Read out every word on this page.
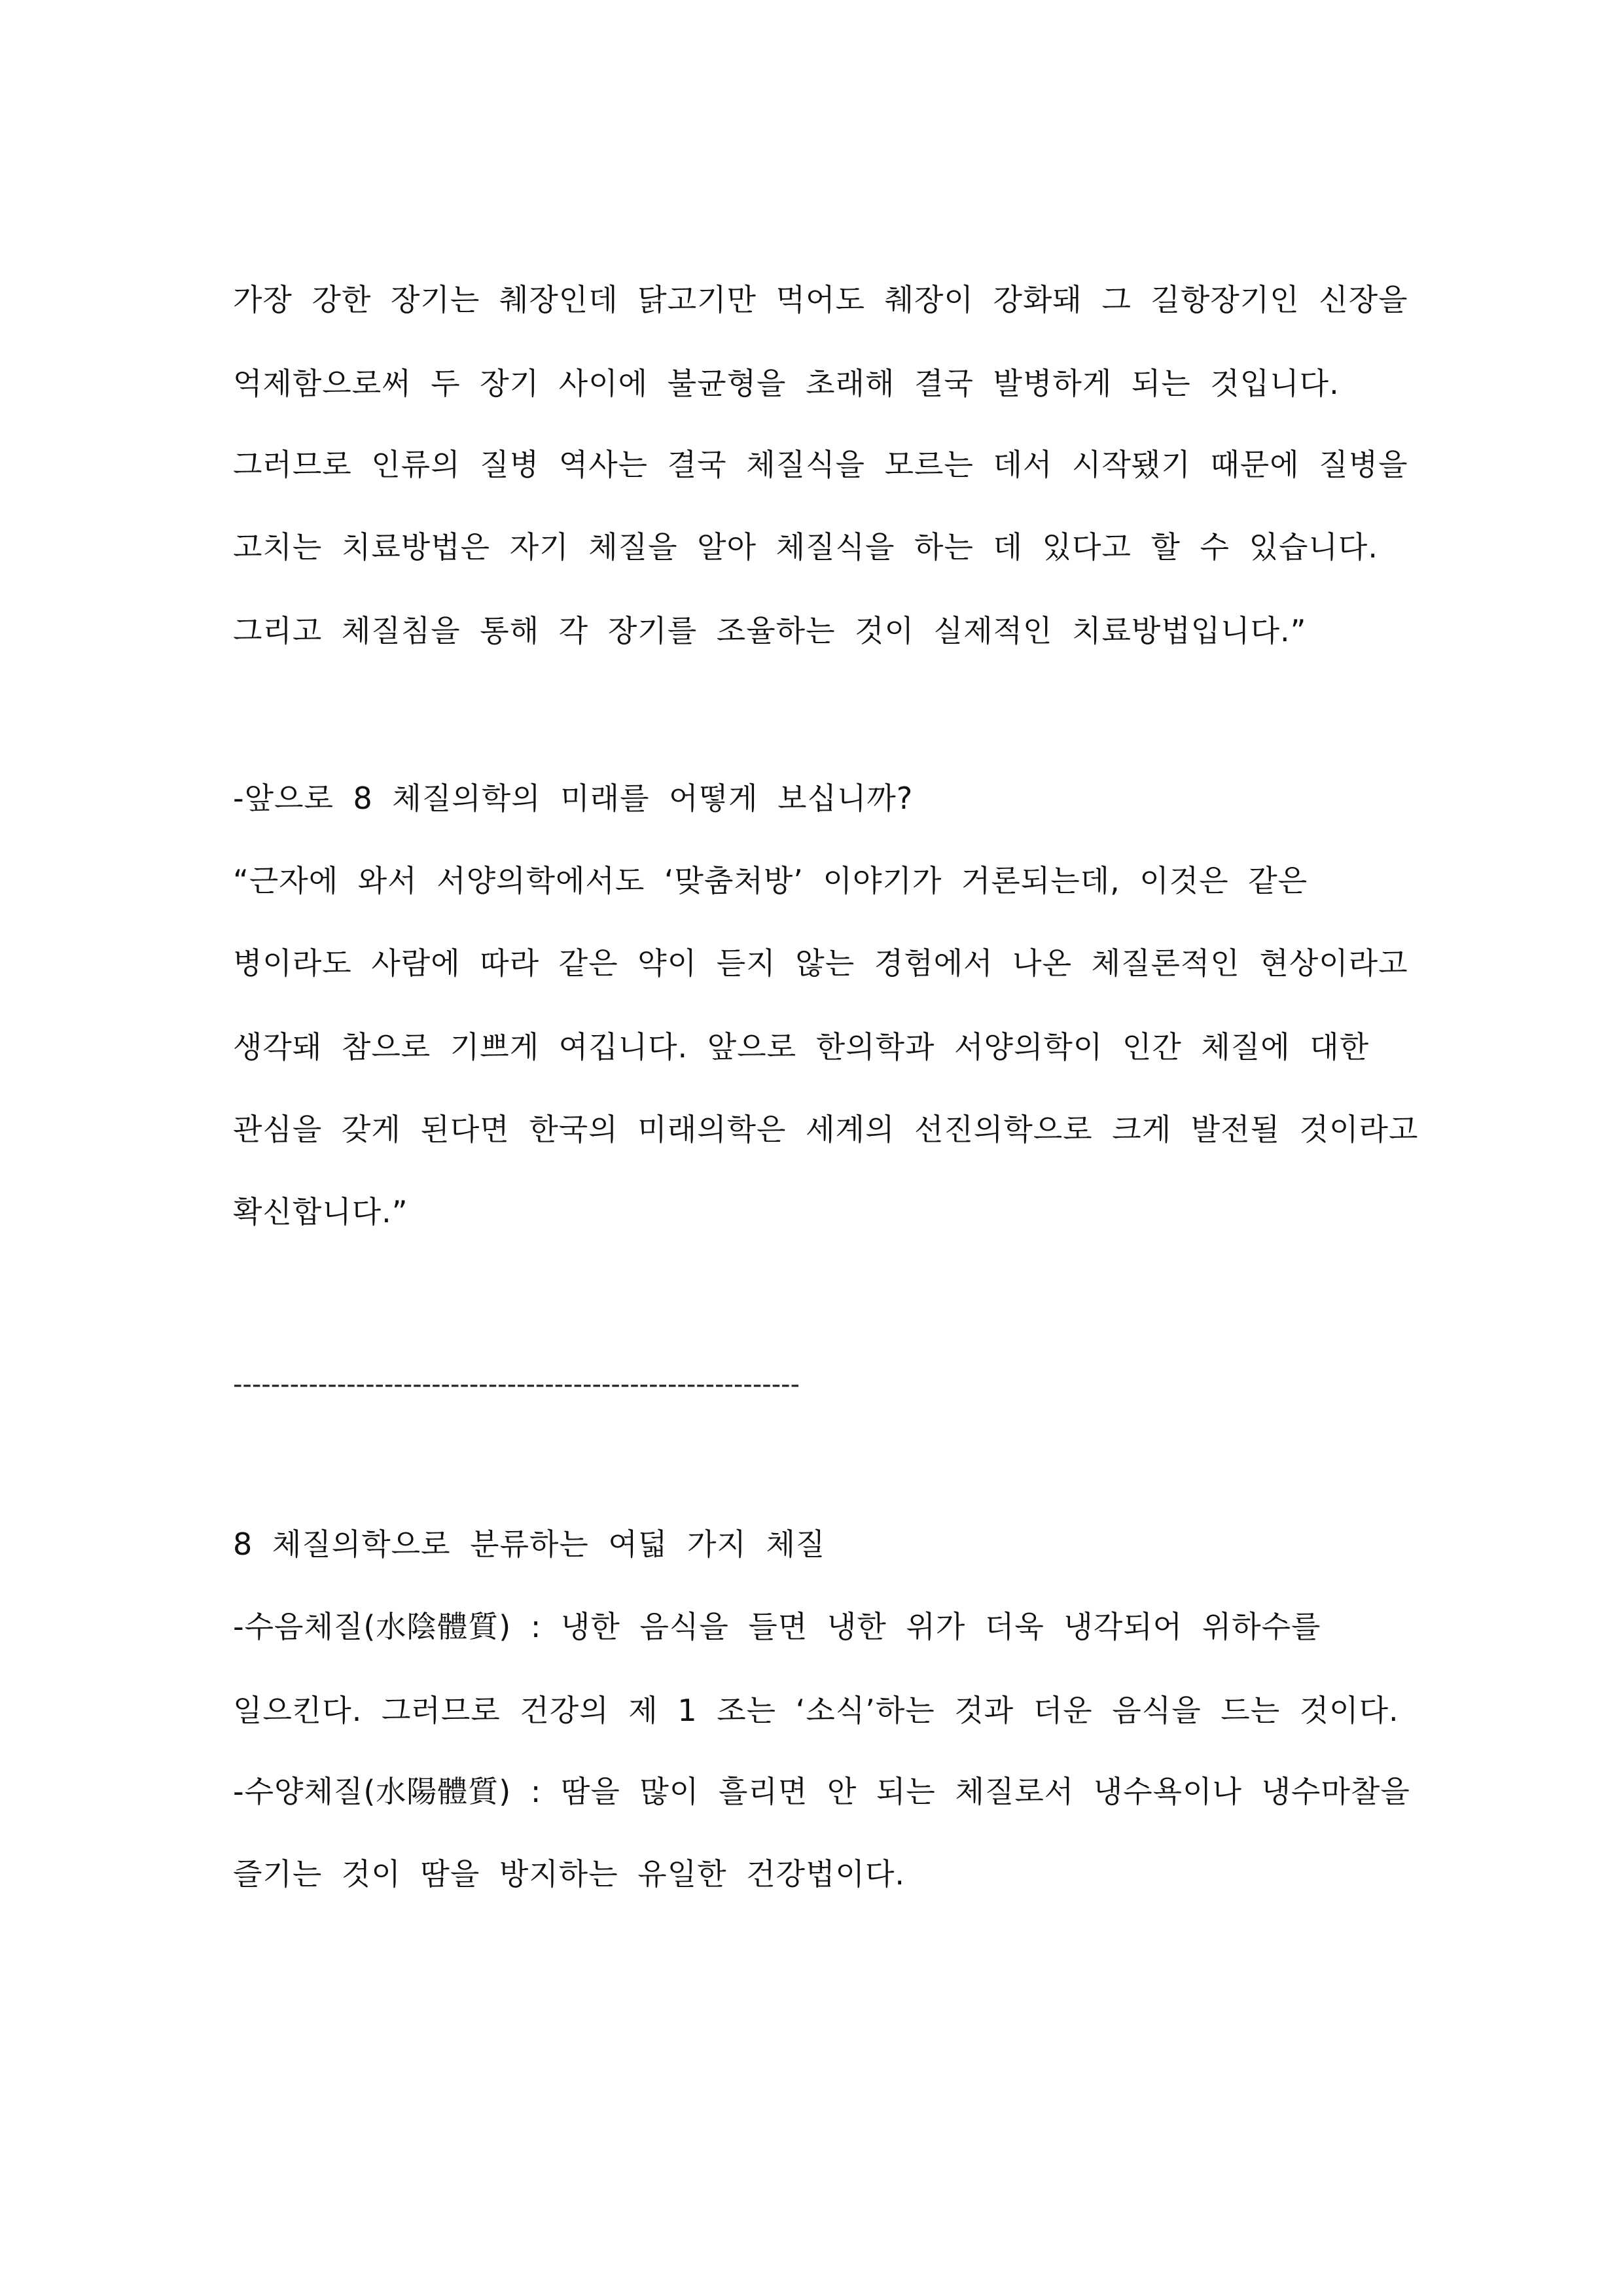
가장 강한 장기는 췌장인데 닭고기만 먹어도 췌장이 강화돼 그 길항장기인 신장을
억제함으로써 두 장기 사이에 불균형을 초래해 결국 발병하게 되는 것입니다.
그러므로 인류의 질병 역사는 결국 체질식을 모르는 데서 시작됐기 때문에 질병을
고치는 치료방법은 자기 체질을 알아 체질식을 하는 데 있다고 할 수 있습니다.
그리고 체질침을 통해 각 장기를 조율하는 것이 실제적인 치료방법입니다.”
-앞으로 8 체질의학의 미래를 어떻게 보십니까?
“근자에 와서 서양의학에서도 ‘맞춤처방’ 이야기가 거론되는데, 이것은 같은
병이라도 사람에 따라 같은 약이 듣지 않는 경험에서 나온 체질론적인 현상이라고
생각돼 참으로 기쁘게 여깁니다. 앞으로 한의학과 서양의학이 인간 체질에 대한
관심을 갖게 된다면 한국의 미래의학은 세계의 선진의학으로 크게 발전될 것이라고
확신합니다.”
------------------------------------------------------------
8 체질의학으로 분류하는 여덟 가지 체질
-수음체질(水陰體質) : 냉한 음식을 들면 냉한 위가 더욱 냉각되어 위하수를
일으킨다. 그러므로 건강의 제 1 조는 ‘소식’하는 것과 더운 음식을 드는 것이다.
-수양체질(水陽體質) : 땀을 많이 흘리면 안 되는 체질로서 냉수욕이나 냉수마찰을
즐기는 것이 땀을 방지하는 유일한 건강법이다.
